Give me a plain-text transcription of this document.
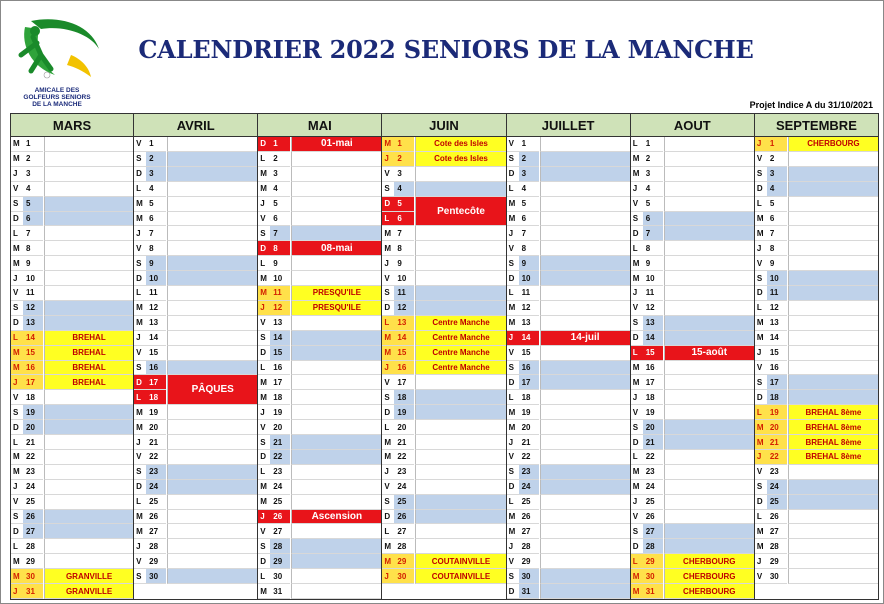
AMICALE DES
GOLFEURS SENIORS
DE LA MANCHE
CALENDRIER 2022 SENIORS DE LA MANCHE
Projet Indice A du 31/10/2021
MARS
M 1
M 2
J	3
V 4
S 5
D 6
L	7
M 8
M 9
J	10
V 11
S 12
D 13
L	14	BREHAL
M 15	BREHAL
M 16	BREHAL
J	17	BREHAL
V 18
S 19
D 20
L	21
M 22
M 23
J	24
V 25
S 26
D 27
L	28
M 29
M 30	GRANVILLE
J	31	GRANVILLE
AVRIL
V 1
S 2
D 3
L	4
M 5
M 6
J	7
V 8
S 9
D 10
L	11
M 12
M 13
J	14
V 15
S 16
D 17
PÂQUES
L	18
M 19
M 20
J	21
V 22
S 23
D 24
L	25
M 26
M 27
J	28
V 29
S 30
MAI
D 1	01-mai
L	2
M 3
M 4
J	5
V 6
S 7
D 8	08-mai
L	9
M 10
M 11	PRESQU'ILE
J	12	PRESQU'ILE
V 13
S 14
D 15
L	16
M 17
M 18
J	19
V 20
S 21
D 22
L	23
M 24
M 25
J	26	Ascension
V 27
S 28
D 29
L	30
M 31
JUIN
M 1	Cote des Isles
J	2	Cote des Isles
V 3
S 4
D 5
Pentecôte
L	6
M 7
M 8
J	9
V 10
S 11
D 12
L	13	Centre Manche
M 14	Centre Manche
M 15	Centre Manche
J	16	Centre Manche
V 17
S 18
D 19
L	20
M 21
M 22
J	23
V 24
S 25
D 26
L	27
M 28
M 29	COUTAINVILLE
J	30	COUTAINVILLE
JUILLET
V 1
S 2
D 3
L	4
M 5
M 6
J	7
V 8
S 9
D 10
L	11
M 12
M 13
J	14	14-juil
V 15
S 16
D 17
L	18
M 19
M 20
J	21
V 22
S 23
D 24
L	25
M 26
M 27
J	28
V 29
S 30
D 31
AOUT
L	1
M 2
M 3
J	4
V 5
S 6
D 7
L	8
M 9
M 10
J	11
V 12
S 13
D 14
L	15	15-août
M 16
M 17
J	18
V 19
S 20
D 21
L	22
M 23
M 24
J	25
V 26
S 27
D 28
L	29	CHERBOURG
M 30	CHERBOURG
M 31	CHERBOURG
SEPTEMBRE
J	1	CHERBOURG
V 2
S 3
D 4
L	5
M 6
M 7
J	8
V 9
S 10
D 11
L	12
M 13
M 14
J	15
V 16
S 17
D 18
L	19	BREHAL 8ème
M 20	BREHAL 8ème
M 21	BREHAL 8ème
J	22	BREHAL 8ème
V 23
S 24
D 25
L	26
M 27
M 28
J	29
V 30
